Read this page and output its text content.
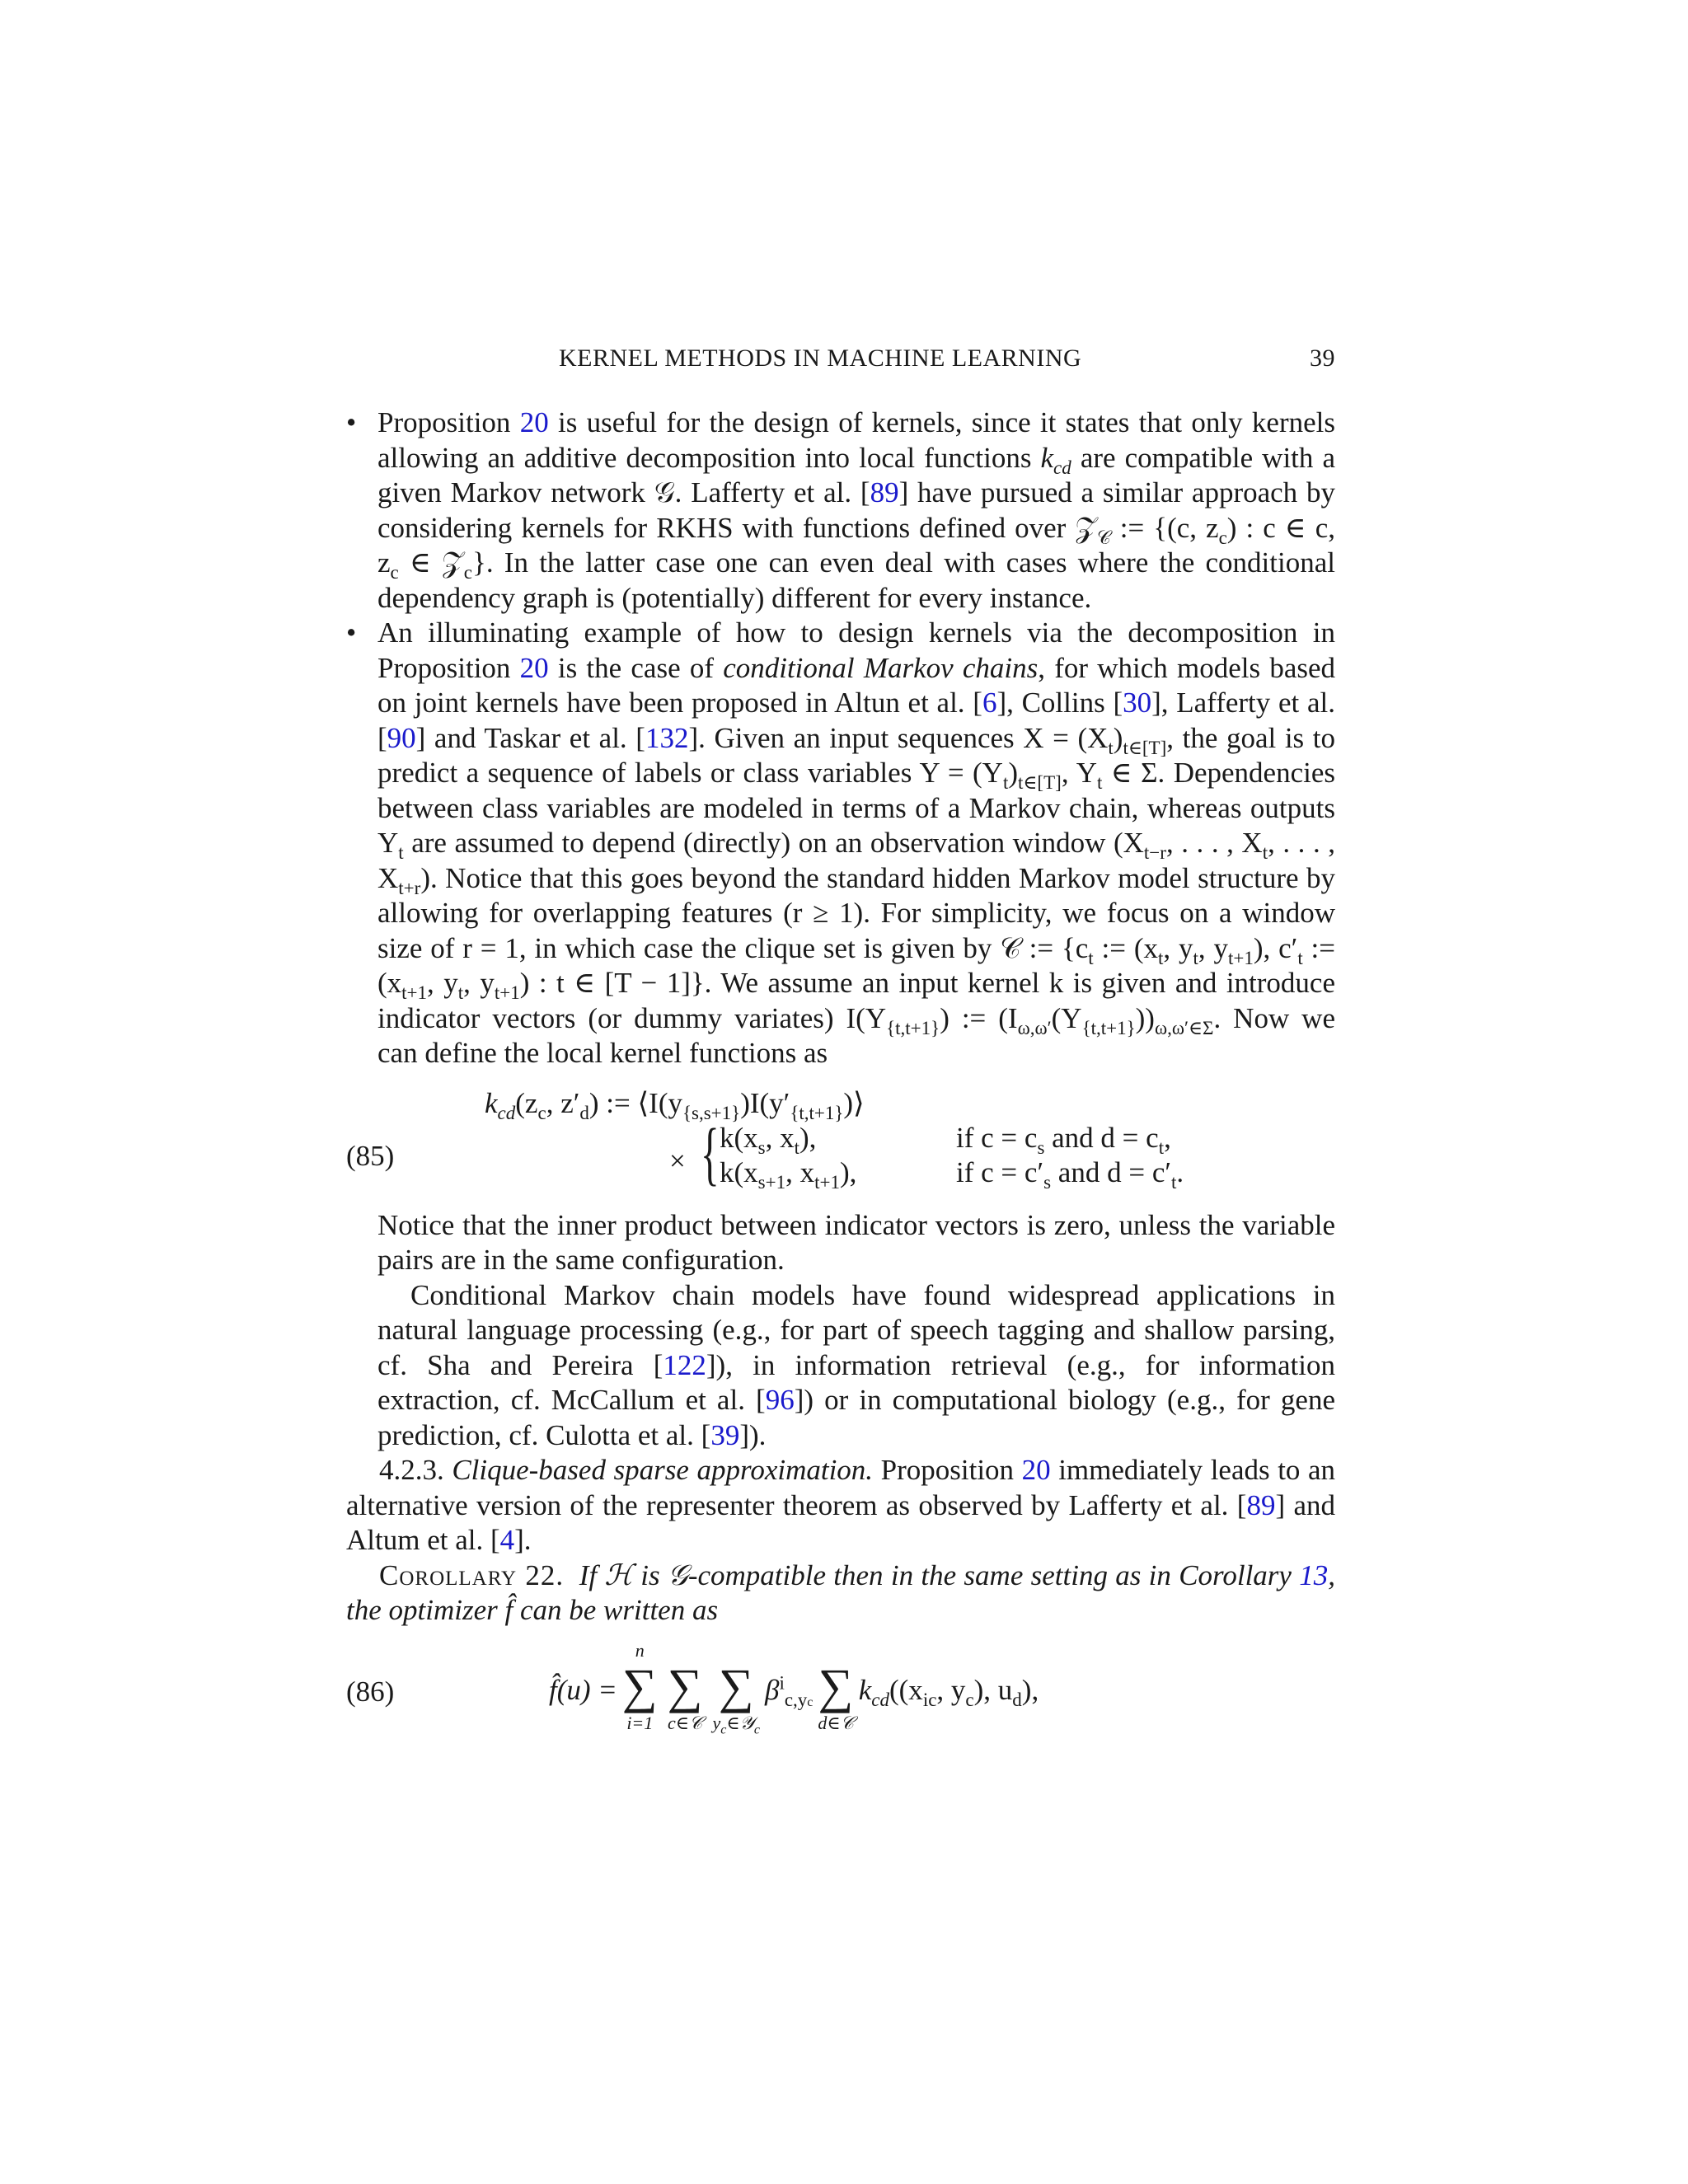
KERNEL METHODS IN MACHINE LEARNING	39
• Proposition 20 is useful for the design of kernels, since it states that only kernels allowing an additive decomposition into local functions $k_{cd}$ are compatible with a given Markov network 𝒢. Lafferty et al. [89] have pursued a similar approach by considering kernels for RKHS with functions defined over 𝒵$_𝒞$ := {(c, $z_c$) : c ∈ c, $z_c$ ∈ 𝒵$_c$}. In the latter case one can even deal with cases where the conditional dependency graph is (potentially) different for every instance.
• An illuminating example of how to design kernels via the decomposition in Proposition 20 is the case of conditional Markov chains, for which models based on joint kernels have been proposed in Altun et al. [6], Collins [30], Lafferty et al. [90] and Taskar et al. [132]. Given an input sequences $X = (X_t)_{t\in[T]}$, the goal is to predict a sequence of labels or class variables $Y = (Y_t)_{t\in[T]}$, $Y_t$ ∈ Σ. Dependencies between class variables are modeled in terms of a Markov chain, whereas outputs $Y_t$ are assumed to depend (directly) on an observation window ($X_{t-r}$, . . . , $X_t$, . . . , $X_{t+r}$). Notice that this goes beyond the standard hidden Markov model structure by allowing for overlapping features (r ≥ 1). For simplicity, we focus on a window size of r = 1, in which case the clique set is given by 𝒞 := {$c_t$ := ($x_t$, $y_t$, $y_{t+1}$), $c'_t$ := ($x_{t+1}$, $y_t$, $y_{t+1}$) : t ∈ [T − 1]}. We assume an input kernel k is given and introduce indicator vectors (or dummy variates) $I(Y_{\{t,t+1\}})$ := $(I_{\omega,\omega'}(Y_{\{t,t+1\}}))_{\omega,\omega'\in\Sigma}$. Now we can define the local kernel functions as
(85)
$k_{cd}(z_c$, $z'_d$) := $⟨I(y_{\{s,s+1\}})I(y'_{\{t,t+1\}})⟩$
× { $k(x_s$, $x_t$),
$k(x_{s+1}$, $x_{t+1}$),
if $c = c_s$ and $d = c_t$,
if $c = c'_s$ and $d = c'_t$.

Notice that the inner product between indicator vectors is zero, unless the variable pairs are in the same configuration.

Conditional Markov chain models have found widespread applications in natural language processing (e.g., for part of speech tagging and shallow parsing, cf. Sha and Pereira [122]), in information retrieval (e.g., for information extraction, cf. McCallum et al. [96]) or in computational biology (e.g., for gene prediction, cf. Culotta et al. [39]).

4.2.3. Clique-based sparse approximation. Proposition 20 immediately leads to an alternative version of the representer theorem as observed by Lafferty et al. [89] and Altum et al. [4].

Corollary 22. If ℋ is 𝒢-compatible then in the same setting as in Corollary 13, the optimizer f̂ can be written as

(86)	f̂(u) =
n
∑
i=1
∑
c∈𝒞
∑
$y_c\in 𝒴_c$
$\beta^i_{c,yc}$ ∑
d∈𝒞
$k_{cd}((x_{ic}$, $y_c$), $u_d$),
